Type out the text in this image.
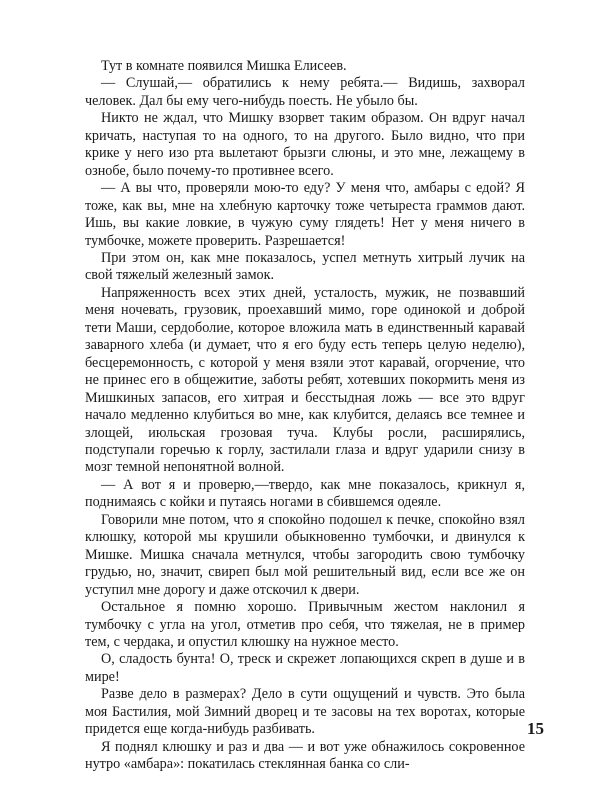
Тут в комнате появился Мишка Елисеев.

— Слушай,— обратились к нему ребята.— Видишь, захворал человек. Дал бы ему чего-нибудь поесть. Не убыло бы.

Никто не ждал, что Мишку взорвет таким образом. Он вдруг начал кричать, наступая то на одного, то на другого. Было видно, что при крике у него изо рта вылетают брызги слюны, и это мне, лежащему в ознобе, было почему-то противнее всего.

— А вы что, проверяли мою-то еду? У меня что, амбары с едой? Я тоже, как вы, мне на хлебную карточку тоже четыреста граммов дают. Ишь, вы какие ловкие, в чужую суму глядеть! Нет у меня ничего в тумбочке, можете проверить. Разрешается!

При этом он, как мне показалось, успел метнуть хитрый лучик на свой тяжелый железный замок.

Напряженность всех этих дней, усталость, мужик, не позвавший меня ночевать, грузовик, проехавший мимо, горе одинокой и доброй тети Маши, сердоболие, которое вложила мать в единственный каравай заварного хлеба (и думает, что я его буду есть теперь целую неделю), бесцеремонность, с которой у меня взяли этот каравай, огорчение, что не принес его в общежитие, заботы ребят, хотевших покормить меня из Мишкиных запасов, его хитрая и бесстыдная ложь — все это вдруг начало медленно клубиться во мне, как клубится, делаясь все темнее и злощей, июльская грозовая туча. Клубы росли, расширялись, подступали горечью к горлу, застилали глаза и вдруг ударили снизу в мозг темной непонятной волной.

— А вот я и проверю,—твердо, как мне показалось, крикнул я, поднимаясь с койки и путаясь ногами в сбившемся одеяле.

Говорили мне потом, что я спокойно подошел к печке, спокойно взял клюшку, которой мы крушили обыкновенно тумбочки, и двинулся к Мишке. Мишка сначала метнулся, чтобы загородить свою тумбочку грудью, но, значит, свиреп был мой решительный вид, если все же он уступил мне дорогу и даже отскочил к двери.

Остальное я помню хорошо. Привычным жестом наклонил я тумбочку с угла на угол, отметив про себя, что тяжелая, не в пример тем, с чердака, и опустил клюшку на нужное место.

О, сладость бунта! О, треск и скрежет лопающихся скреп в душе и в мире!

Разве дело в размерах? Дело в сути ощущений и чувств. Это была моя Бастилия, мой Зимний дворец и те засовы на тех воротах, которые придется еще когда-нибудь разбивать.

Я поднял клюшку и раз и два — и вот уже обнажилось сокровенное нутро «амбара»: покатилась стеклянная банка со сли-

15
